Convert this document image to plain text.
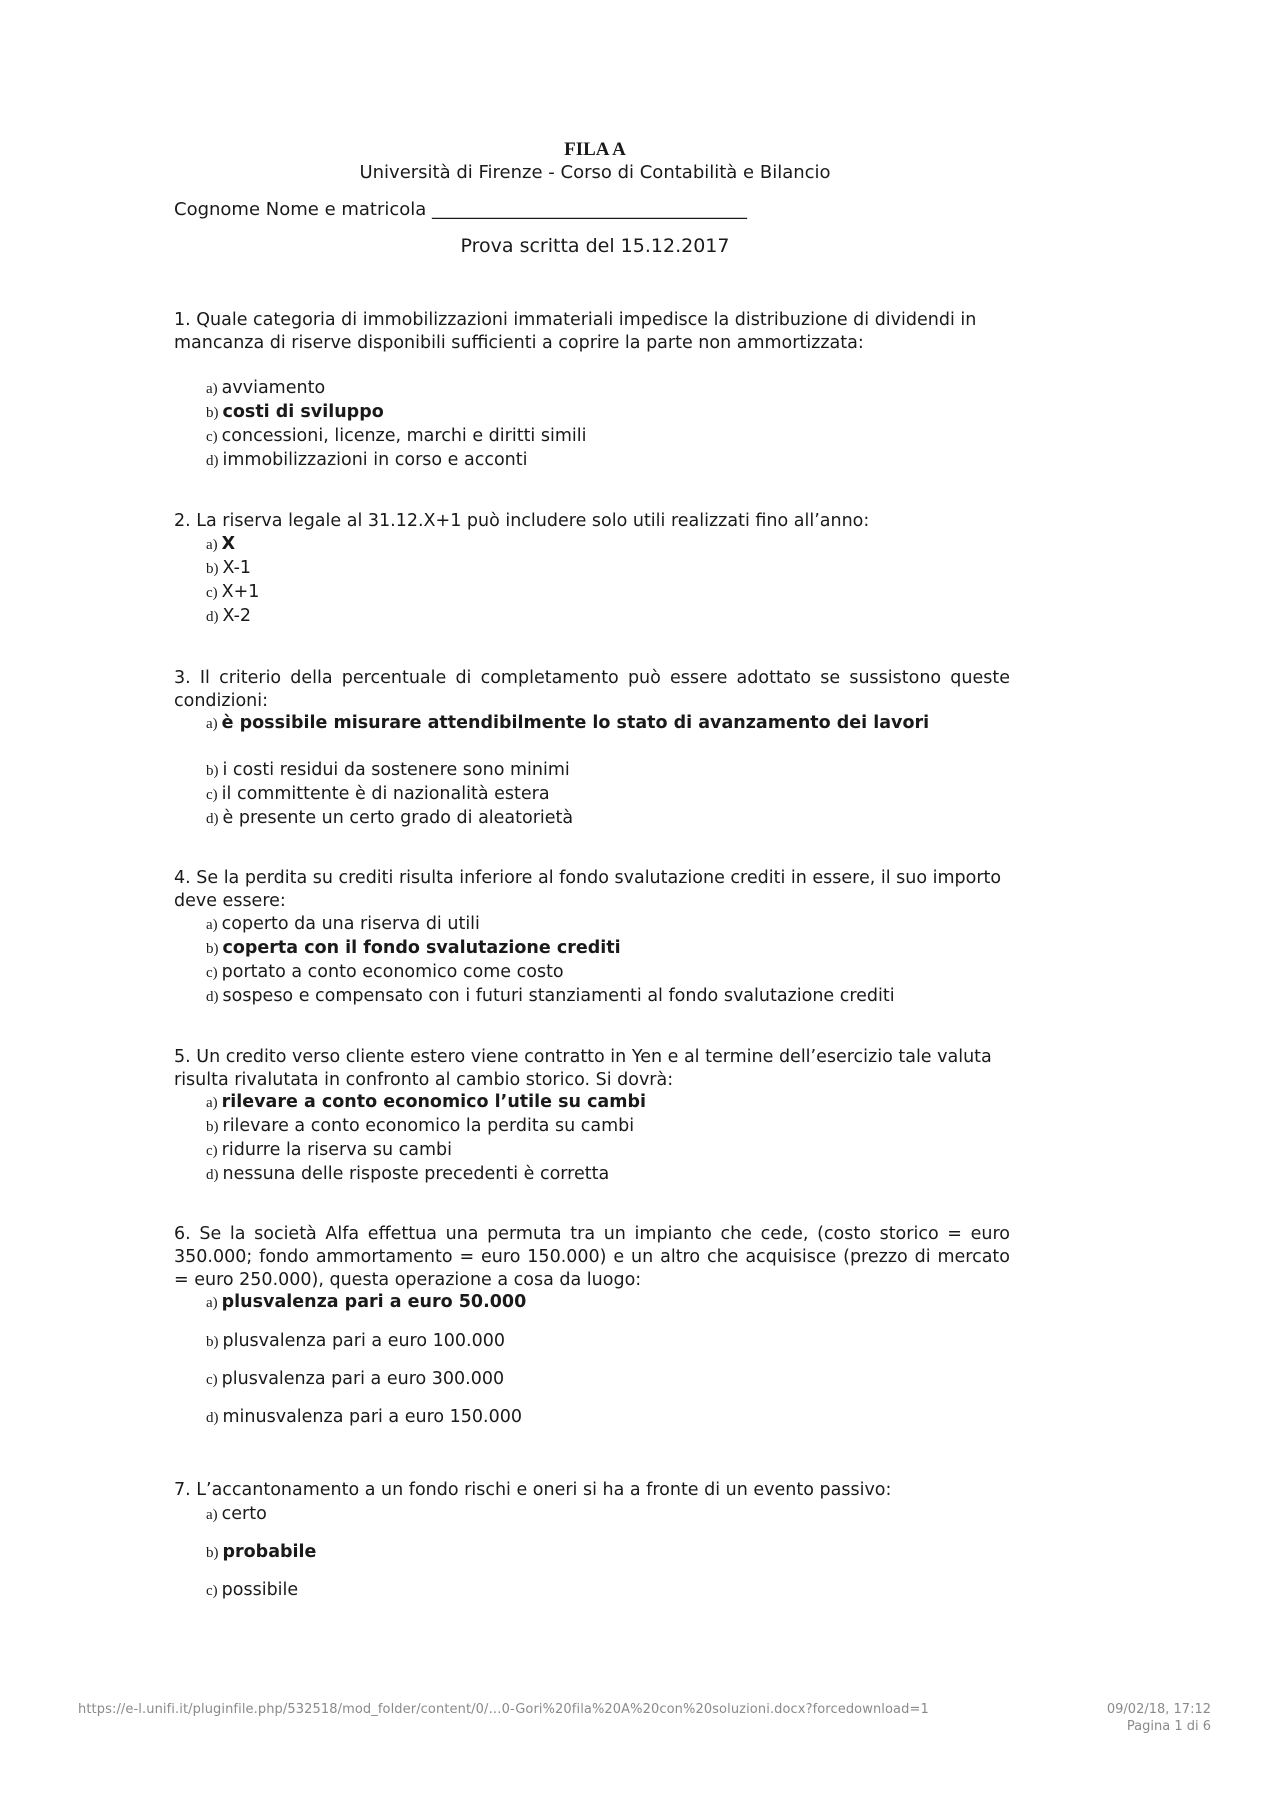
FILA A
Università di Firenze - Corso di Contabilità e Bilancio
Cognome Nome e matricola ___________________________________
Prova scritta del 15.12.2017

1. Quale categoria di immobilizzazioni immateriali impedisce la distribuzione di dividendi in mancanza di riserve disponibili sufficienti a coprire la parte non ammortizzata:

a) avviamento
b) costi di sviluppo
c) concessioni, licenze, marchi e diritti simili
d) immobilizzazioni in corso e acconti

2. La riserva legale al 31.12.X+1 può includere solo utili realizzati fino all’anno:

a) X
b) X-1
c) X+1
d) X-2

3. Il criterio della percentuale di completamento può essere adottato se sussistono queste condizioni:

a) è possibile misurare attendibilmente lo stato di avanzamento dei lavori
b) i costi residui da sostenere sono minimi
c) il committente è di nazionalità estera
d) è presente un certo grado di aleatorietà

4. Se la perdita su crediti risulta inferiore al fondo svalutazione crediti in essere, il suo importo deve essere:

a) coperto da una riserva di utili
b) coperta con il fondo svalutazione crediti
c) portato a conto economico come costo
d) sospeso e compensato con i futuri stanziamenti al fondo svalutazione crediti

5. Un credito verso cliente estero viene contratto in Yen e al termine dell’esercizio tale valuta risulta rivalutata in confronto al cambio storico. Si dovrà:

a) rilevare a conto economico l’utile su cambi
b) rilevare a conto economico la perdita su cambi
c) ridurre la riserva su cambi
d) nessuna delle risposte precedenti è corretta

6. Se la società Alfa effettua una permuta tra un impianto che cede, (costo storico = euro 350.000; fondo ammortamento = euro 150.000) e un altro che acquisisce (prezzo di mercato = euro 250.000), questa operazione a cosa da luogo:

a) plusvalenza pari a euro 50.000
b) plusvalenza pari a euro 100.000
c) plusvalenza pari a euro 300.000
d) minusvalenza pari a euro 150.000

7. L’accantonamento a un fondo rischi e oneri si ha a fronte di un evento passivo:

a) certo
b) probabile
c) possibile
https://e-l.unifi.it/pluginfile.php/532518/mod_folder/content/0/…0-Gori%20fila%20A%20con%20soluzioni.docx?forcedownload=1	09/02/18, 17:12
Pagina 1 di 6
